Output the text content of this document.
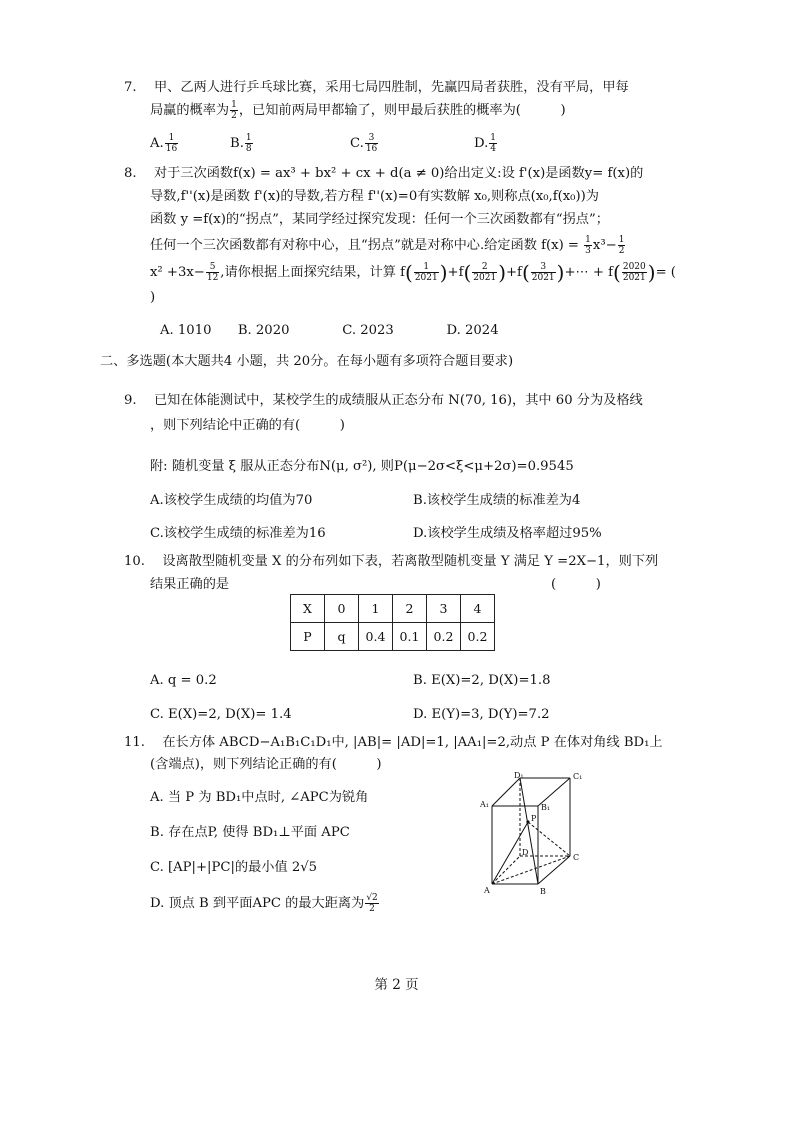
7.　 甲、乙两人进行乒乓球比赛，采用七局四胜制，先赢四局者获胜，没有平局，甲每
局赢的概率为 $\frac{1}{2}$ ，已知前两局甲都输了，则甲最后获胜的概率为(　　　)
A. $\frac{1}{16}$	B. $\frac{1}{8}$	C. $\frac{3}{16}$	D. $\frac{1}{4}$
8.　 对于三次函数f(x) = ax³ + bx² + cx + d(a ≠ 0)给出定义:设 f'(x)是函数y= f(x)的
导数,f''(x)是函数 f'(x)的导数,若方程 f''(x)=0有实数解 x₀,则称点(x₀,f(x₀))为
函数 y =f(x)的“拐点”，某同学经过探究发现：任何一个三次函数都有“拐点”；
任何一个三次函数都有对称中心，且“拐点”就是对称中心.给定函数 $f(x) = \frac{1}{3} x^3- \frac{1}{2}$
$x^2 +3x- \frac{5}{12}$ ,请你根据上面探究结果，计算 $f( \frac{1}{2021} )+f( \frac{2}{2021} )+f( \frac{3}{2021}$ )+⋯ + $f( \frac{2020}{2021}$ )= (
)
A. 1010　　B. 2020　　　　C. 2023　　　　D. 2024
二、多选题(本大题共4 小题，共 20分。在每小题有多项符合题目要求)
9.　 已知在体能测试中，某校学生的成绩服从正态分布 N(70, 16)，其中 60 分为及格线
，则下列结论中正确的有(　　　)
附: 随机变量 ξ 服从正态分布N(μ, σ²), 则P(μ−2σ<ξ<μ+2σ)=0.9545
A.该校学生成绩的均值为70	B.该校学生成绩的标准差为4
C.该校学生成绩的标准差为16	D.该校学生成绩及格率超过95%
10.　 设离散型随机变量 X 的分布列如下表，若离散型随机变量 Y 满足 Y =2X−1，则下列
结果正确的是	(　　　)
X	0	1	2	3	4
P	q	0.4	0.1	0.2	0.2
A. q = 0.2	B. E(X)=2, D(X)=1.8
C. E(X)=2, D(X)= 1.4	D. E(Y)=3, D(Y)=7.2
11.　 在长方体 ABCD−A₁B₁C₁D₁中, |AB|= |AD|=1, |AA₁|=2,动点 P 在体对角线 BD₁上
(含端点)，则下列结论正确的有(　　　)
A. 当 P 为 BD₁中点时, ∠APC为锐角
B. 存在点P, 使得 BD₁⊥平面 APC
C. [AP|+|PC|的最小值 2√5
D. 顶点 B 到平面APC 的最大距离为 $\frac{√2}{2}$
D₁	C₁
A₁	B₁
P
D
C
A	B
第 2 页
